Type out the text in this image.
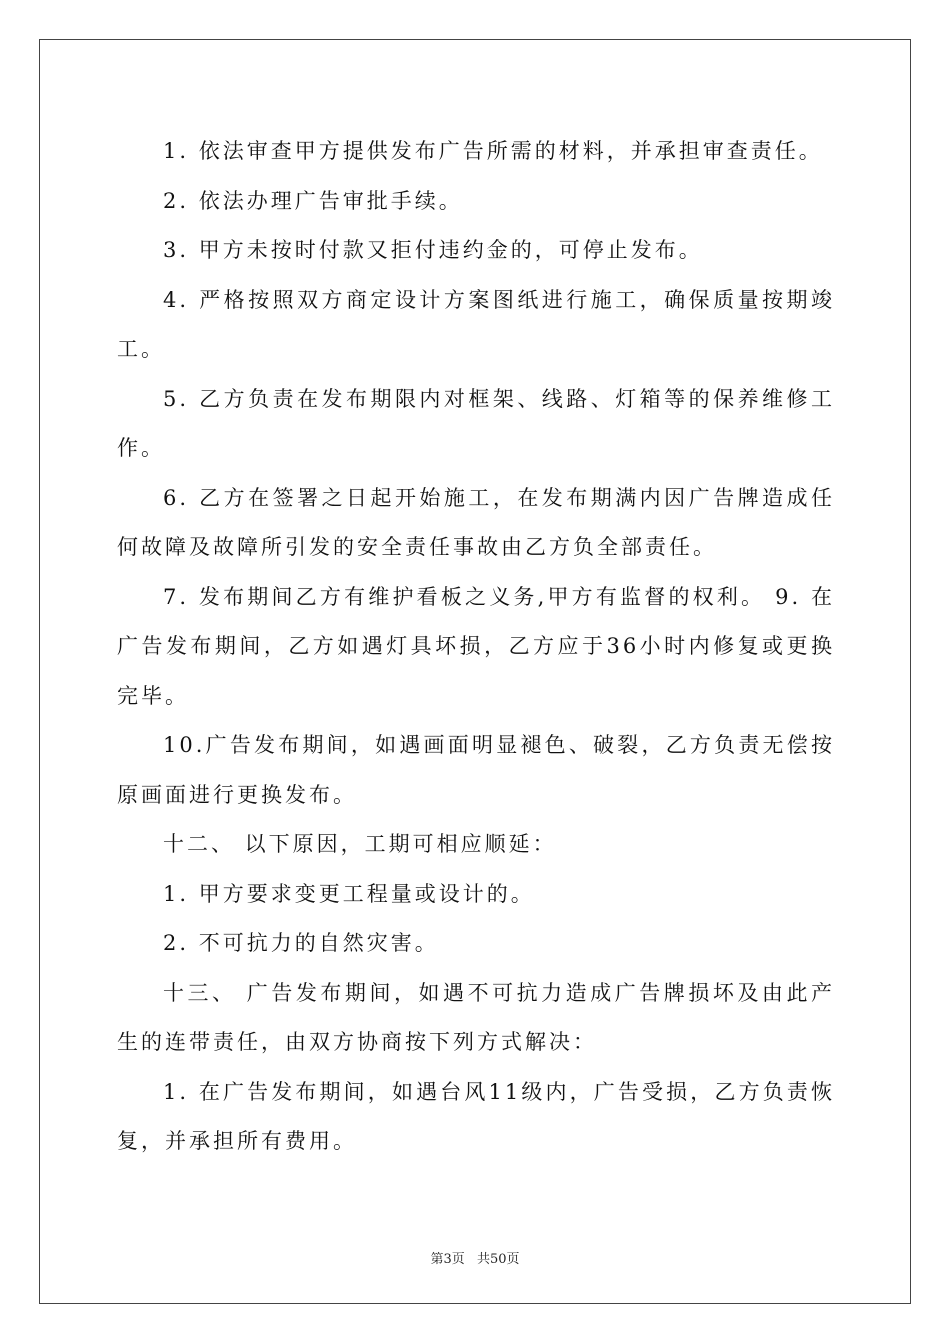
1. 依法审查甲方提供发布广告所需的材料，并承担审查责任。

2. 依法办理广告审批手续。

3. 甲方未按时付款又拒付违约金的，可停止发布。

4. 严格按照双方商定设计方案图纸进行施工，确保质量按期竣工。

5. 乙方负责在发布期限内对框架、线路、灯箱等的保养维修工作。

6. 乙方在签署之日起开始施工，在发布期满内因广告牌造成任何故障及故障所引发的安全责任事故由乙方负全部责任。

7. 发布期间乙方有维护看板之义务,甲方有监督的权利。 9. 在广告发布期间，乙方如遇灯具坏损，乙方应于36小时内修复或更换完毕。

10.广告发布期间，如遇画面明显褪色、破裂，乙方负责无偿按原画面进行更换发布。

十二、 以下原因，工期可相应顺延：

1. 甲方要求变更工程量或设计的。

2. 不可抗力的自然灾害。

十三、 广告发布期间，如遇不可抗力造成广告牌损坏及由此产生的连带责任，由双方协商按下列方式解决：

1. 在广告发布期间，如遇台风11级内，广告受损，乙方负责恢复，并承担所有费用。

第3页 共50页
